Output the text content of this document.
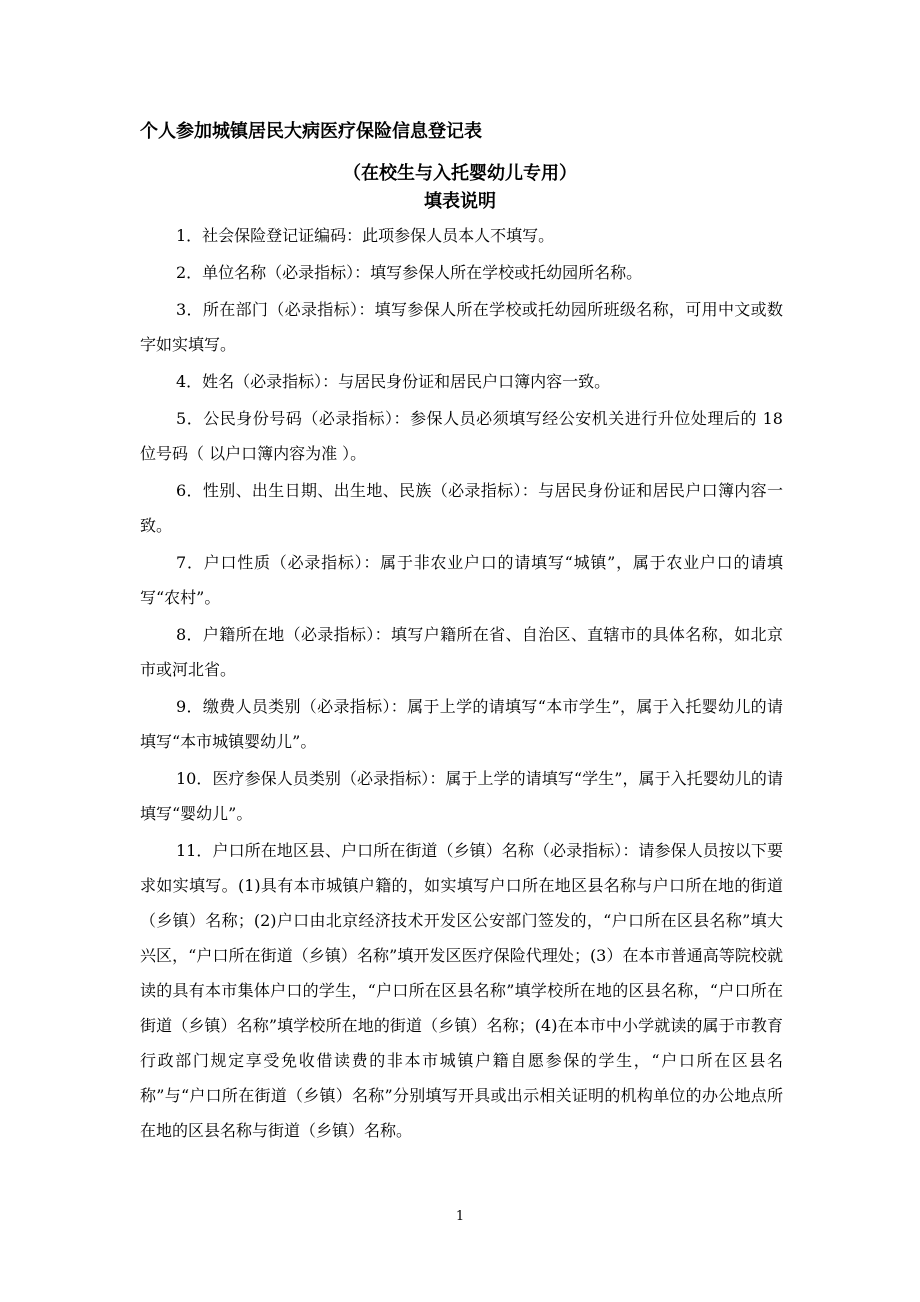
个人参加城镇居民大病医疗保险信息登记表
（在校生与入托婴幼儿专用）
填表说明

1．社会保险登记证编码：此项参保人员本人不填写。

2．单位名称（必录指标）：填写参保人所在学校或托幼园所名称。

3．所在部门（必录指标）：填写参保人所在学校或托幼园所班级名称，可用中文或数字如实填写。

4．姓名（必录指标）：与居民身份证和居民户口簿内容一致。

5．公民身份号码（必录指标）：参保人员必须填写经公安机关进行升位处理后的 18 位号码（ 以户口簿内容为准 ）。

6．性别、出生日期、出生地、民族（必录指标）：与居民身份证和居民户口簿内容一致。

7．户口性质（必录指标）：属于非农业户口的请填写“城镇”，属于农业户口的请填写“农村”。

8．户籍所在地（必录指标）：填写户籍所在省、自治区、直辖市的具体名称，如北京市或河北省。

9．缴费人员类别（必录指标）：属于上学的请填写“本市学生”，属于入托婴幼儿的请填写“本市城镇婴幼儿”。

10．医疗参保人员类别（必录指标）：属于上学的请填写“学生”，属于入托婴幼儿的请填写“婴幼儿”。

11．户口所在地区县、户口所在街道（乡镇）名称（必录指标）：请参保人员按以下要求如实填写。(1)具有本市城镇户籍的，如实填写户口所在地区县名称与户口所在地的街道（乡镇）名称；(2)户口由北京经济技术开发区公安部门签发的，“户口所在区县名称”填大兴区，“户口所在街道（乡镇）名称”填开发区医疗保险代理处；(3）在本市普通高等院校就读的具有本市集体户口的学生，“户口所在区县名称”填学校所在地的区县名称，“户口所在街道（乡镇）名称”填学校所在地的街道（乡镇）名称；(4)在本市中小学就读的属于市教育行政部门规定享受免收借读费的非本市城镇户籍自愿参保的学生，“户口所在区县名称”与“户口所在街道（乡镇）名称”分别填写开具或出示相关证明的机构单位的办公地点所在地的区县名称与街道（乡镇）名称。

1
